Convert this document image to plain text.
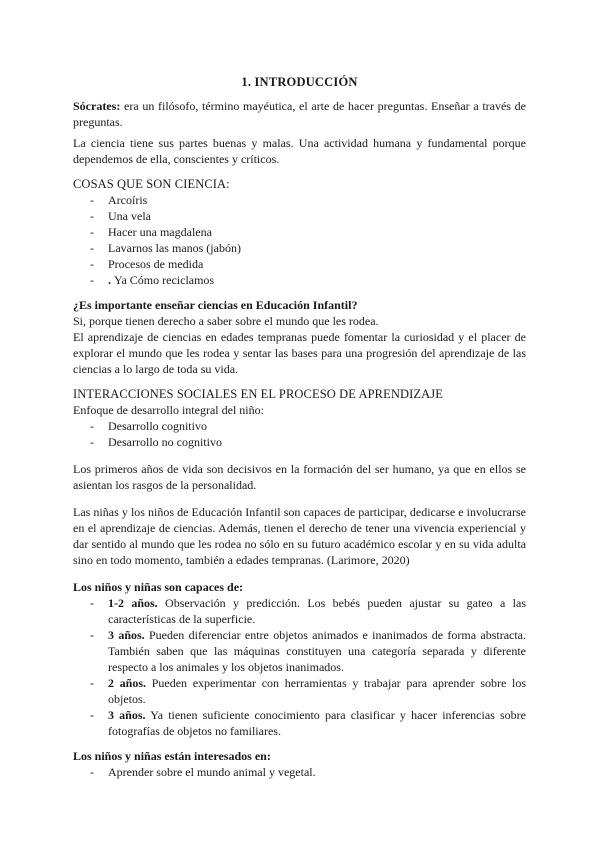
1. INTRODUCCIÓN

Sócrates: era un filósofo, término mayéutica, el arte de hacer preguntas. Enseñar a través de preguntas.

La ciencia tiene sus partes buenas y malas. Una actividad humana y fundamental porque dependemos de ella, conscientes y críticos.

COSAS QUE SON CIENCIA:

- Arcoíris
- Una vela
- Hacer una magdalena
- Lavarnos las manos (jabón)
- Procesos de medida
- . Ya Cómo reciclamos

¿Es importante enseñar ciencias en Educación Infantil?

Si, porque tienen derecho a saber sobre el mundo que les rodea.

El aprendizaje de ciencias en edades tempranas puede fomentar la curiosidad y el placer de explorar el mundo que les rodea y sentar las bases para una progresión del aprendizaje de las ciencias a lo largo de toda su vida.

INTERACCIONES SOCIALES EN EL PROCESO DE APRENDIZAJE

Enfoque de desarrollo integral del niño:

- Desarrollo cognitivo
- Desarrollo no cognitivo

Los primeros años de vida son decisivos en la formación del ser humano, ya que en ellos se asientan los rasgos de la personalidad.

Las niñas y los niños de Educación Infantil son capaces de participar, dedicarse e involucrarse en el aprendizaje de ciencias. Además, tienen el derecho de tener una vivencia experiencial y dar sentido al mundo que les rodea no sólo en su futuro académico escolar y en su vida adulta sino en todo momento, también a edades tempranas. (Larimore, 2020)

Los niños y niñas son capaces de:

- 1-2 años. Observación y predicción. Los bebés pueden ajustar su gateo a las características de la superficie.
- 3 años. Pueden diferenciar entre objetos animados e inanimados de forma abstracta. También saben que las máquinas constituyen una categoría separada y diferente respecto a los animales y los objetos inanimados.
- 2 años. Pueden experimentar con herramientas y trabajar para aprender sobre los objetos.
- 3 años. Ya tienen suficiente conocimiento para clasificar y hacer inferencias sobre fotografías de objetos no familiares.

Los niños y niñas están interesados en:

- Aprender sobre el mundo animal y vegetal.
